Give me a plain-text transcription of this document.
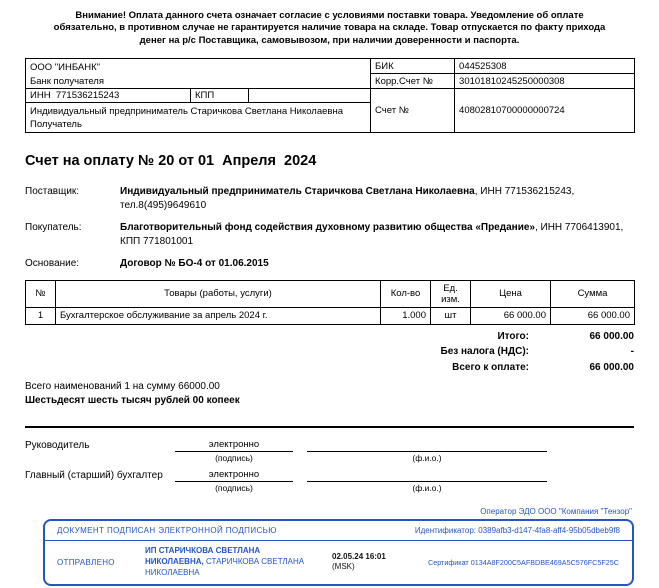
Внимание! Оплата данного счета означает согласие с условиями поставки товара. Уведомление об оплате обязательно, в противном случае не гарантируется наличие товара на складе. Товар отпускается по факту прихода денег на р/с Поставщика, самовывозом, при наличии доверенности и паспорта.

ООО "ИНБАНК"
Банк получателя			БИК	044525308
			Корр.Счет №	30101810245250000308
ИНН 771536215243	КПП		Счет №	40802810700000000724

Индивидуальный предприниматель Старичкова Светлана Николаевна
Получатель				
Счет на оплату № 20 от 01  Апреля  2024
Поставщик:	Индивидуальный предприниматель Старичкова Светлана Николаевна, ИНН 771536215243,
тел.8(495)9649610
Покупатель:	Благотворительный фонд содействия духовному развитию общества «Предание», ИНН 7706413901,
КПП 771801001
Основание:	Договор № БО-4 от 01.06.2015
№	Товары (работы, услуги)	Кол-во	Ед. изм.	Цена	Сумма
1	Бухгалтерское обслуживание за апрель 2024 г.	1.000	шт	66 000.00	66 000.00
Итого:	66 000.00
Без налога (НДС):	-
Всего к оплате:	66 000.00
Всего наименований 1 на сумму 66000.00
Шестьдесят шесть тысяч рублей 00 копеек
Руководитель	электронно
(подпись)
	(ф.и.о.)
Главный (старший) бухгалтер	электронно
(подпись)
	(ф.и.о.)
Оператор ЭДО ООО "Компания "Тензор"
ДОКУМЕНТ ПОДПИСАН ЭЛЕКТРОННОЙ ПОДПИСЬЮ	Идентификатор: 0389afb3-d147-4fa8-aff4-95b05dbeb9f8
ОТПРАВЛЕНО
ИП СТАРИЧКОВА СВЕТЛАНА НИКОЛАЕВНА, СТАРИЧКОВА СВЕТЛАНА НИКОЛАЕВНА
02.05.24 16:01
(MSK)	Сертификат 0134A8F200C5AFBDBE469A5C576FC5F25C
